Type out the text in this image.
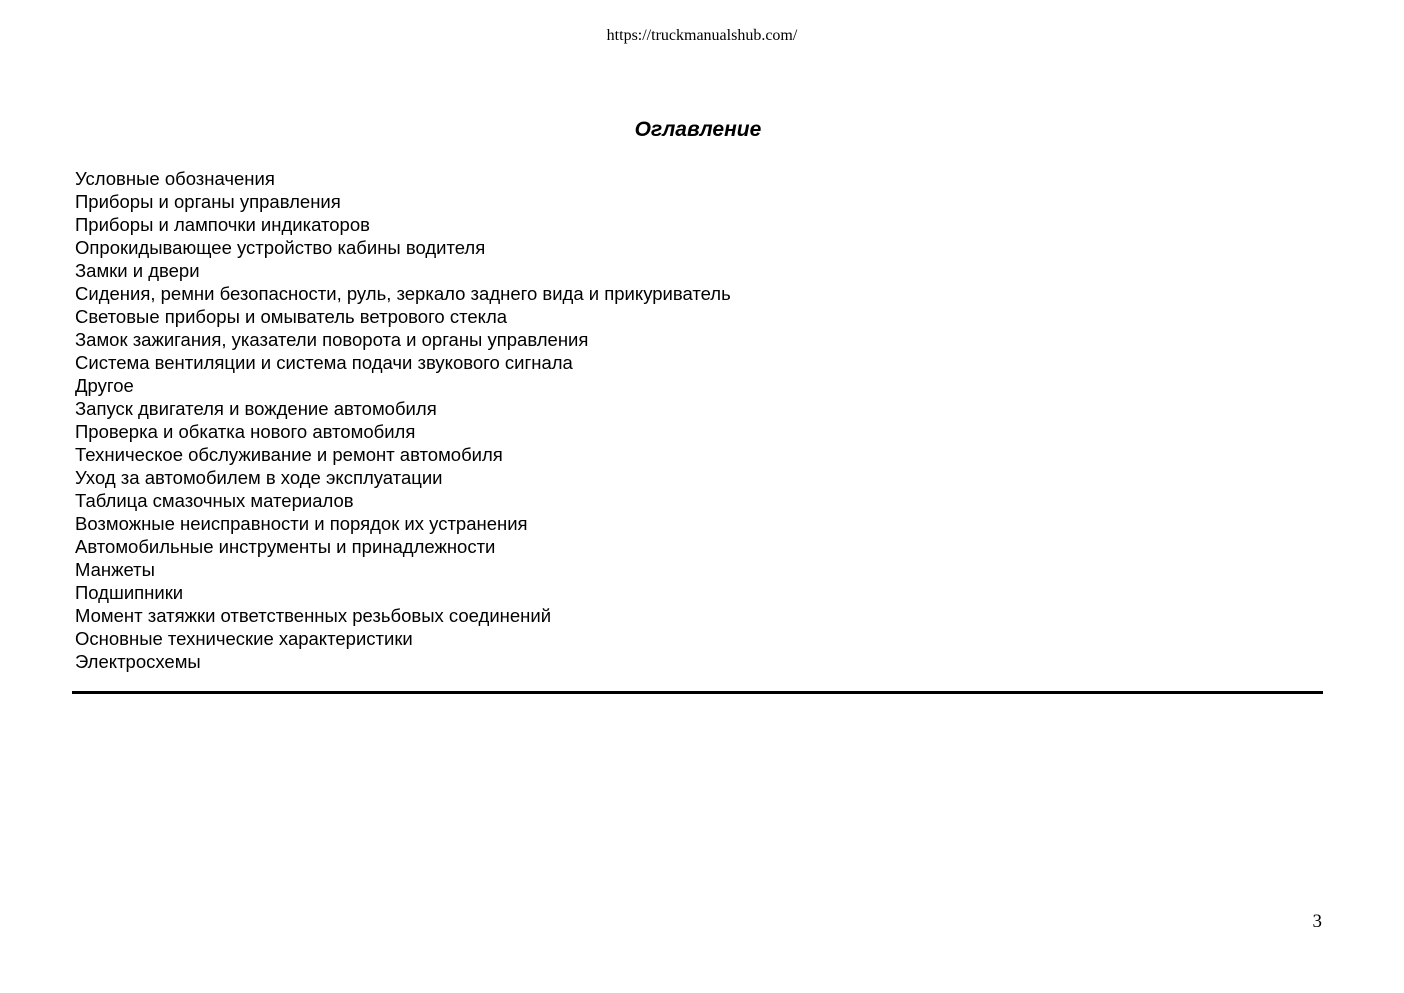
https://truckmanualshub.com/
Оглавление
Условные обозначения
Приборы и органы управления
Приборы и лампочки индикаторов
Опрокидывающее устройство кабины водителя
Замки и двери
Сидения, ремни безопасности, руль, зеркало заднего вида и прикуриватель
Световые приборы и омыватель ветрового стекла
Замок зажигания, указатели поворота и органы управления
Система вентиляции и система подачи звукового сигнала
Другое
Запуск двигателя и вождение автомобиля
Проверка и обкатка нового автомобиля
Техническое обслуживание и ремонт автомобиля
Уход за автомобилем в ходе эксплуатации
Таблица смазочных материалов
Возможные неисправности и порядок их устранения
Автомобильные инструменты и принадлежности
Манжеты
Подшипники
Момент затяжки ответственных резьбовых соединений
Основные технические характеристики
Электросхемы
3
